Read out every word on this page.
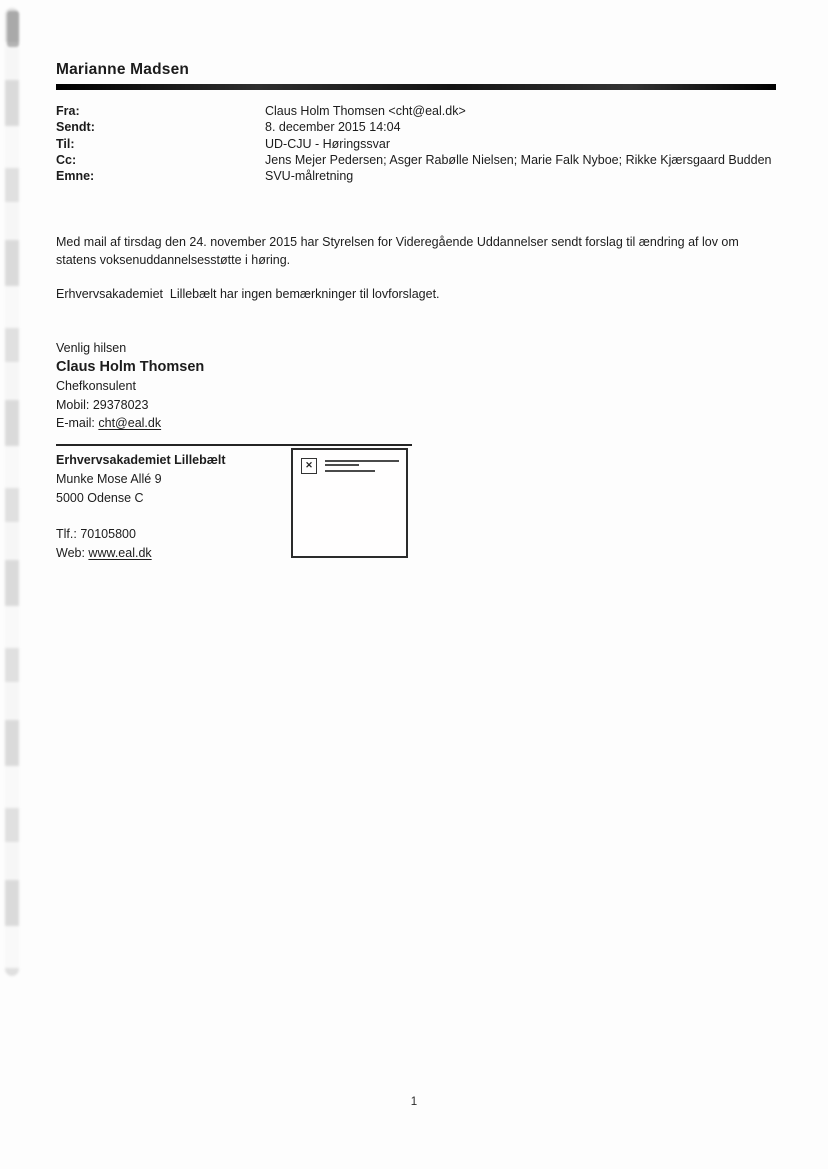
Marianne Madsen
Fra:	Claus Holm Thomsen <cht@eal.dk>
Sendt:	8. december 2015 14:04
Til:	UD-CJU - Høringssvar
Cc:	Jens Mejer Pedersen; Asger Rabølle Nielsen; Marie Falk Nyboe; Rikke Kjærsgaard Budden
Emne:	SVU-målretning

Med mail af tirsdag den 24. november 2015 har Styrelsen for Videregående Uddannelser sendt forslag til ændring af lov om statens voksenuddannelsesstøtte i høring.

Erhvervsakademiet  Lillebælt har ingen bemærkninger til lovforslaget.

Venlig hilsen
Claus Holm Thomsen
Chefkonsulent
Mobil: 29378023
E-mail: cht@eal.dk
Erhvervsakademiet Lillebælt
Munke Mose Allé 9
5000 Odense C
Tlf.: 70105800
Web: www.eal.dk
✕
1
